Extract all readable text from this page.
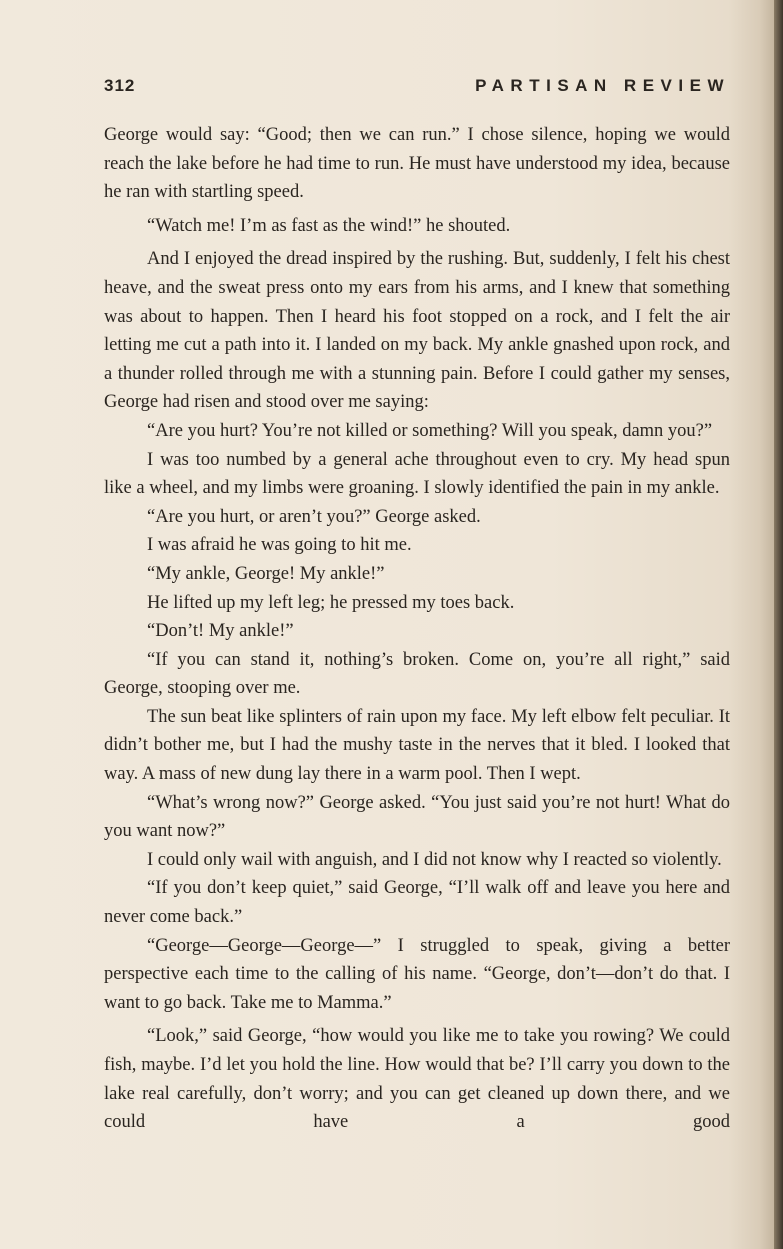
312	PARTISAN REVIEW

George would say: “Good; then we can run.” I chose silence, hoping we would reach the lake before he had time to run. He must have understood my idea, because he ran with startling speed.

“Watch me! I’m as fast as the wind!” he shouted.

And I enjoyed the dread inspired by the rushing. But, suddenly, I felt his chest heave, and the sweat press onto my ears from his arms, and I knew that something was about to happen. Then I heard his foot stopped on a rock, and I felt the air letting me cut a path into it. I landed on my back. My ankle gnashed upon rock, and a thunder rolled through me with a stunning pain. Before I could gather my senses, George had risen and stood over me saying:

“Are you hurt? You’re not killed or something? Will you speak, damn you?”

I was too numbed by a general ache throughout even to cry. My head spun like a wheel, and my limbs were groaning. I slowly identified the pain in my ankle.

“Are you hurt, or aren’t you?” George asked.

I was afraid he was going to hit me.

“My ankle, George! My ankle!”

He lifted up my left leg; he pressed my toes back.

“Don’t! My ankle!”

“If you can stand it, nothing’s broken. Come on, you’re all right,” said George, stooping over me.

The sun beat like splinters of rain upon my face. My left elbow felt peculiar. It didn’t bother me, but I had the mushy taste in the nerves that it bled. I looked that way. A mass of new dung lay there in a warm pool. Then I wept.

“What’s wrong now?” George asked. “You just said you’re not hurt! What do you want now?”

I could only wail with anguish, and I did not know why I reacted so violently.

“If you don’t keep quiet,” said George, “I’ll walk off and leave you here and never come back.”

“George—George—George—” I struggled to speak, giving a better perspective each time to the calling of his name. “George, don’t—don’t do that. I want to go back. Take me to Mamma.”

“Look,” said George, “how would you like me to take you rowing? We could fish, maybe. I’d let you hold the line. How would that be? I’ll carry you down to the lake real carefully, don’t worry; and you can get cleaned up down there, and we could have a good
